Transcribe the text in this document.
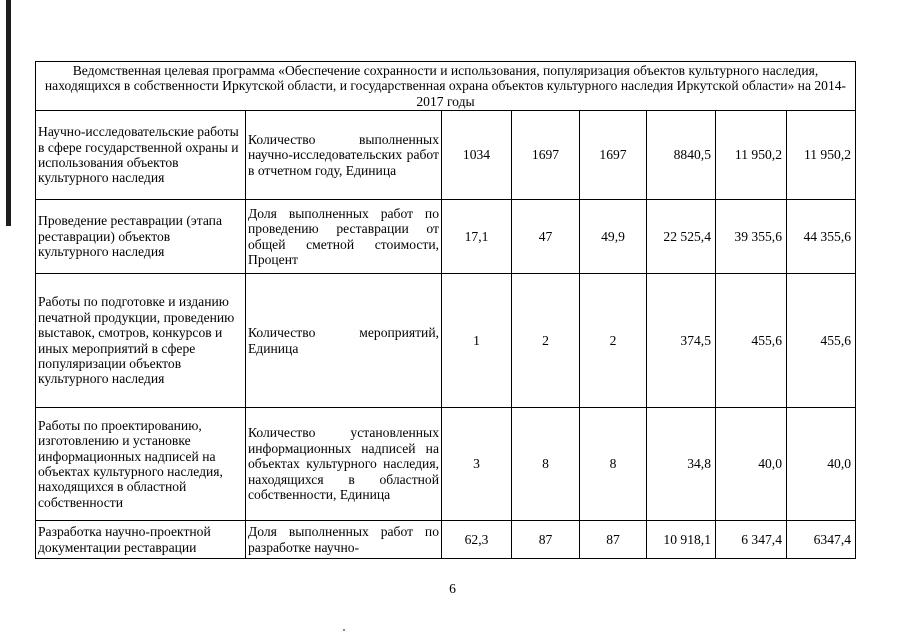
Ведомственная целевая программа «Обеспечение сохранности и использования, популяризация объектов культурного наследия, находящихся в собственности Иркутской области, и государственная охрана объектов культурного наследия Иркутской области» на 2014-2017 годы							
Научно-исследовательские работы в сфере государственной охраны и использования объектов культурного наследия	Количество выполненных научно-исследовательских работ в отчетном году, Единица	1034	1697	1697	8840,5	11 950,2	11 950,2
Проведение реставрации (этапа реставрации) объектов культурного наследия	Доля выполненных работ по проведению реставрации от общей сметной стоимости, Процент	17,1	47	49,9	22 525,4	39 355,6	44 355,6
Работы по подготовке и изданию печатной продукции, проведению выставок, смотров, конкурсов и иных мероприятий в сфере популяризации объектов культурного наследия	Количество мероприятий, Единица	1	2	2	374,5	455,6	455,6
Работы по проектированию, изготовлению и установке информационных надписей на объектах культурного наследия, находящихся в областной собственности	Количество установленных информационных надписей на объектах культурного наследия, находящихся в областной собственности, Единица	3	8	8	34,8	40,0	40,0
Разработка научно-проектной документации реставрации	Доля выполненных работ по разработке научно-	62,3	87	87	10 918,1	6 347,4	6347,4
6
